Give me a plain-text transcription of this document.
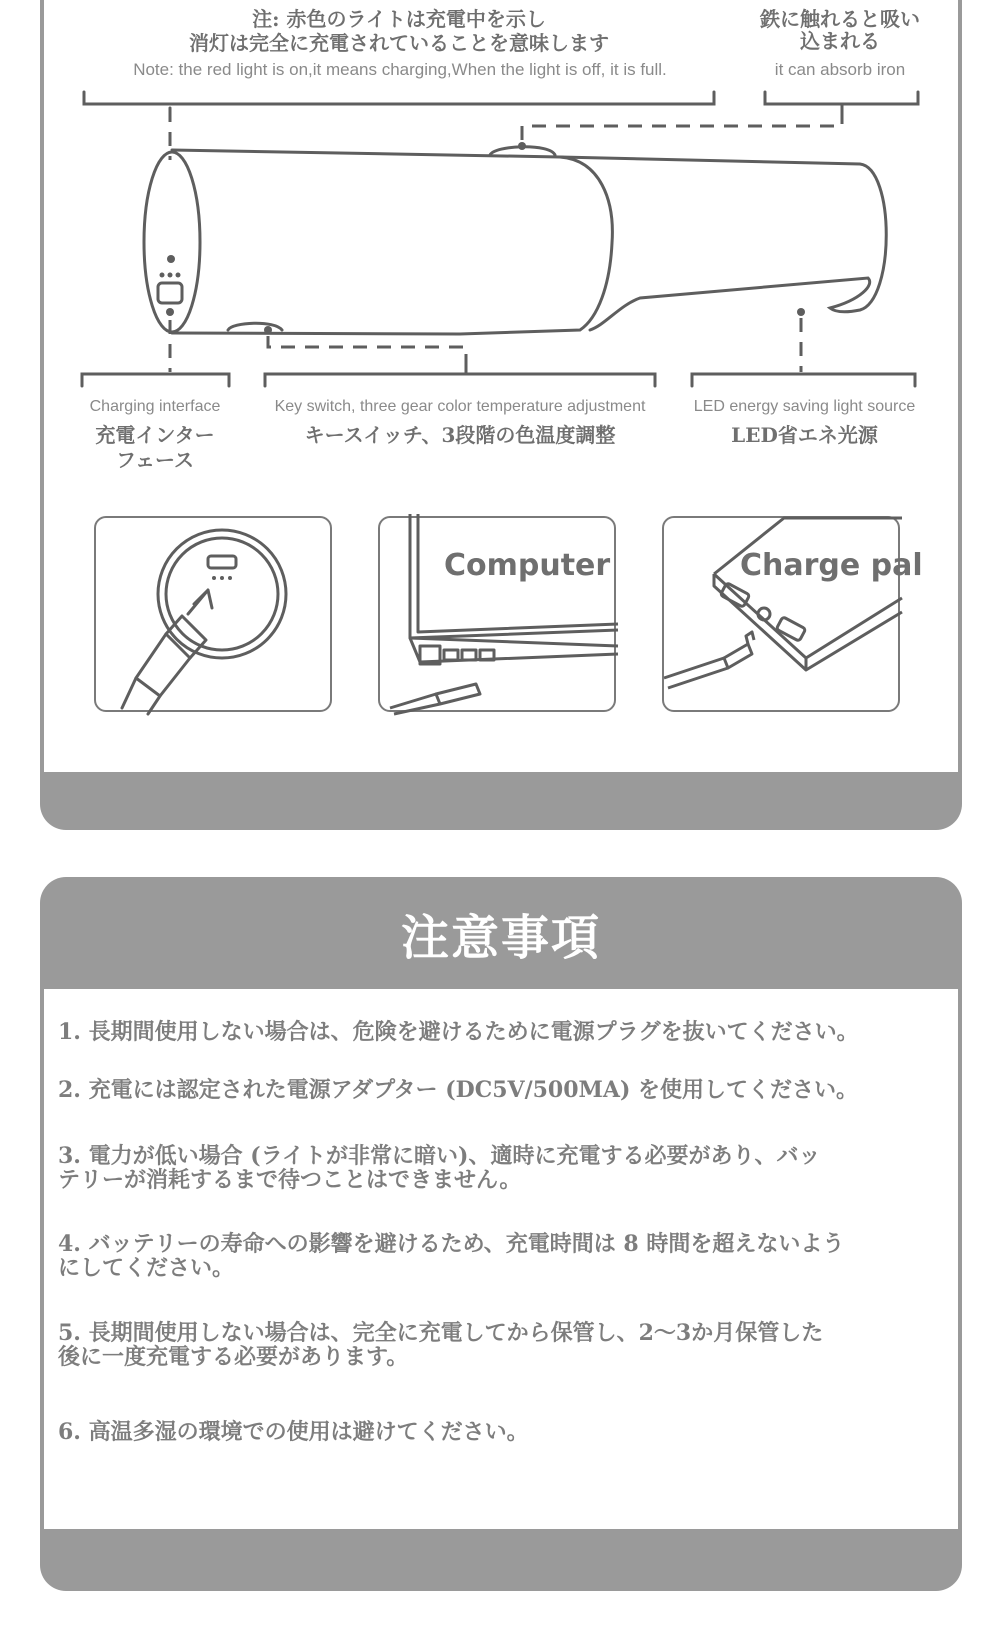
注: 赤色のライトは充電中を示し
消灯は完全に充電されていることを意味します
Note: the red light is on,it means charging,When the light is off, it is full.
鉄に触れると吸い
込まれる
it can absorb iron
Charging interface
充電インター
フェース
Key switch, three gear color temperature adjustment
キースイッチ、3段階の色温度調整
LED energy saving light source
LED省エネ光源
Computer	Charge pal
注意事項
1. 長期間使用しない場合は、危険を避けるために電源プラグを抜いてください。
2. 充電には認定された電源アダプター (DC5V/500MA) を使用してください。
3. 電力が低い場合 (ライトが非常に暗い)、適時に充電する必要があり、バッ
テリーが消耗するまで待つことはできません。
4. バッテリーの寿命への影響を避けるため、充電時間は 8 時間を超えないよう
にしてください。
5. 長期間使用しない場合は、完全に充電してから保管し、2〜3か月保管した
後に一度充電する必要があります。
6. 高温多湿の環境での使用は避けてください。
